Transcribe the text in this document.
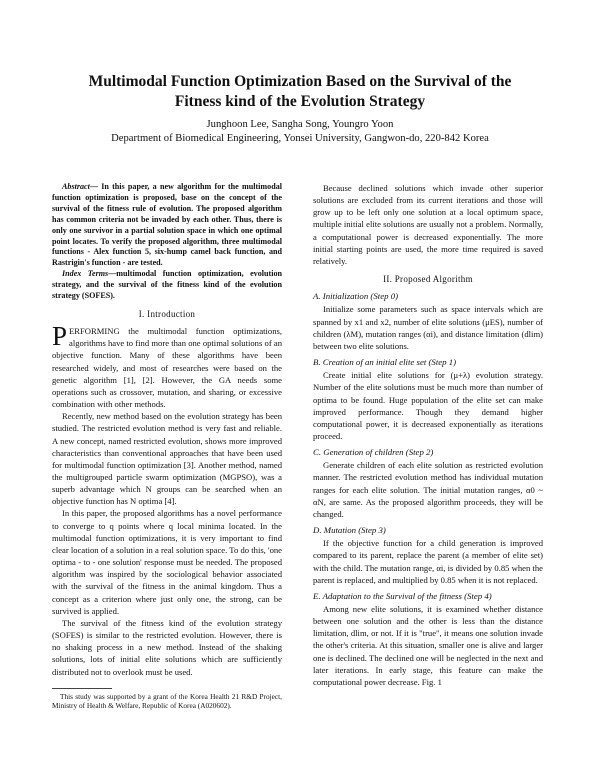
Multimodal Function Optimization Based on the Survival of the
Fitness kind of the Evolution Strategy
Junghoon Lee, Sangha Song, Youngro Yoon
Department of Biomedical Engineering, Yonsei University, Gangwon-do, 220-842 Korea

Abstract— In this paper, a new algorithm for the multimodal function optimization is proposed, base on the concept of the survival of the fitness rule of evolution. The proposed algorithm has common criteria not be invaded by each other. Thus, there is only one survivor in a partial solution space in which one optimal point locates. To verify the proposed algorithm, three multimodal functions - Alex function 5, six-hump camel back function, and Rastrigin's function - are tested.

Index Terms—multimodal function optimization, evolution strategy, and the survival of the fitness kind of the evolution strategy (SOFES).

I. Introduction

PERFORMING the multimodal function optimizations, algorithms have to find more than one optimal solutions of an objective function. Many of these algorithms have been researched widely, and most of researches were based on the genetic algorithm [1], [2]. However, the GA needs some operations such as crossover, mutation, and sharing, or excessive combination with other methods.

Recently, new method based on the evolution strategy has been studied. The restricted evolution method is very fast and reliable. A new concept, named restricted evolution, shows more improved characteristics than conventional approaches that have been used for multimodal function optimization [3]. Another method, named the multigrouped particle swarm optimization (MGPSO), was a superb advantage which N groups can be searched when an objective function has N optima [4].

In this paper, the proposed algorithms has a novel performance to converge to q points where q local minima located. In the multimodal function optimizations, it is very important to find clear location of a solution in a real solution space. To do this, 'one optima - to - one solution' response must be needed. The proposed algorithm was inspired by the sociological behavior associated with the survival of the fitness in the animal kingdom. Thus a concept as a criterion where just only one, the strong, can be survived is applied.

The survival of the fitness kind of the evolution strategy (SOFES) is similar to the restricted evolution. However, there is no shaking process in a new method. Instead of the shaking solutions, lots of initial elite solutions which are sufficiently distributed not to overlook must be used.

This study was supported by a grant of the Korea Health 21 R&D Project, Ministry of Health & Welfare, Republic of Korea (A020602).

Because declined solutions which invade other superior solutions are excluded from its current iterations and those will grow up to be left only one solution at a local optimum space, multiple initial elite solutions are usually not a problem. Normally, a computational power is decreased exponentially. The more initial starting points are used, the more time required is saved relatively.

II. Proposed Algorithm
A. Initialization (Step 0)

Initialize some parameters such as space intervals which are spanned by x1 and x2, number of elite solutions (μES), number of children (λM), mutation ranges (αi), and distance limitation (dlim) between two elite solutions.

B. Creation of an initial elite set (Step 1)

Create initial elite solutions for (μ+λ) evolution strategy. Number of the elite solutions must be much more than number of optima to be found. Huge population of the elite set can make improved performance. Though they demand higher computational power, it is decreased exponentially as iterations proceed.

C. Generation of children (Step 2)

Generate children of each elite solution as restricted evolution manner. The restricted evolution method has individual mutation ranges for each elite solution. The initial mutation ranges, α0 ~ αN, are same. As the proposed algorithm proceeds, they will be changed.

D. Mutation (Step 3)

If the objective function for a child generation is improved compared to its parent, replace the parent (a member of elite set) with the child. The mutation range, αi, is divided by 0.85 when the parent is replaced, and multiplied by 0.85 when it is not replaced.

E. Adaptation to the Survival of the fitness (Step 4)

Among new elite solutions, it is examined whether distance between one solution and the other is less than the distance limitation, dlim, or not. If it is "true", it means one solution invade the other's criteria. At this situation, smaller one is alive and larger one is declined. The declined one will be neglected in the next and later iterations. In early stage, this feature can make the computational power decrease. Fig. 1
